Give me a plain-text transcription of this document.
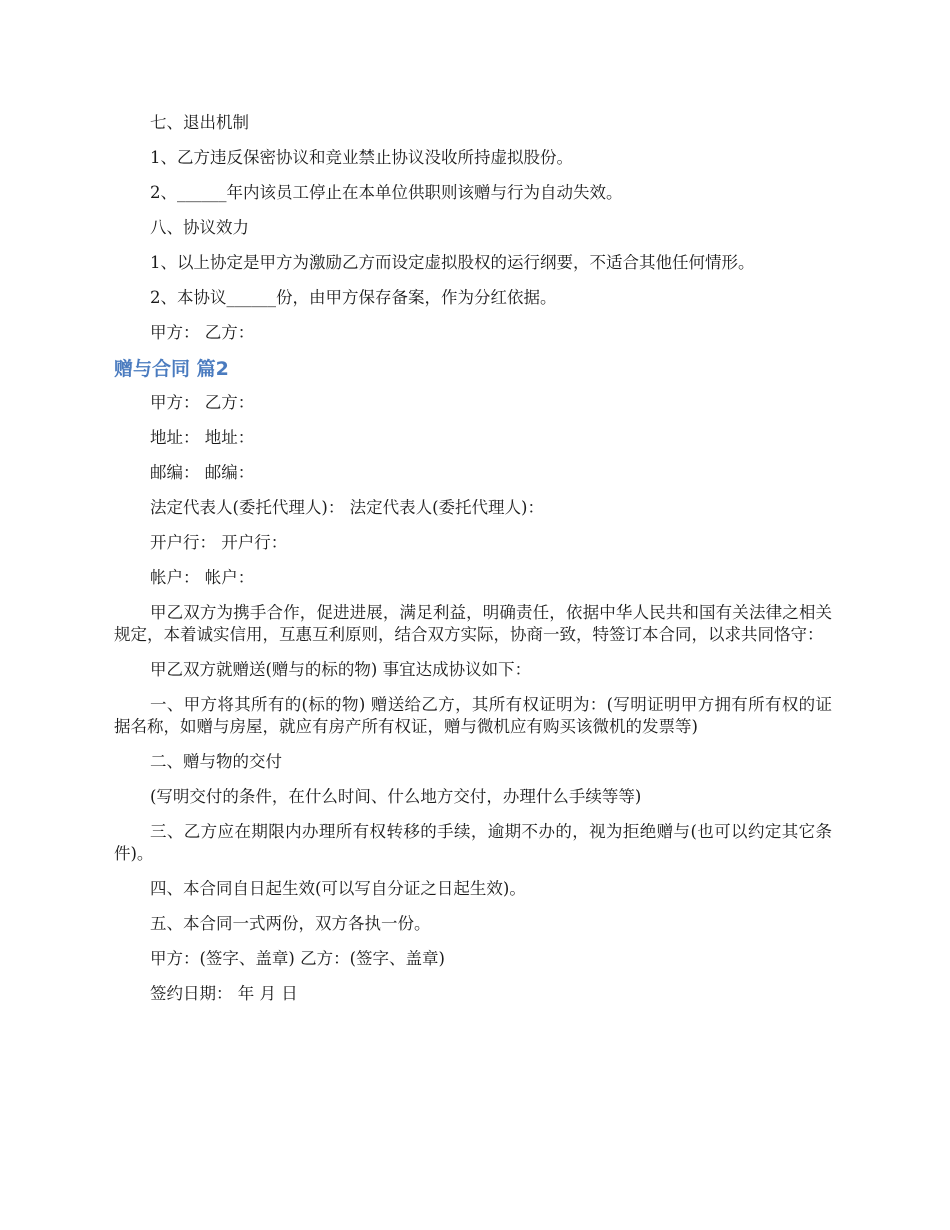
七、退出机制

1、乙方违反保密协议和竞业禁止协议没收所持虚拟股份。

2、______年内该员工停止在本单位供职则该赠与行为自动失效。

八、协议效力

1、以上协定是甲方为激励乙方而设定虚拟股权的运行纲要，不适合其他任何情形。

2、本协议______份，由甲方保存备案，作为分红依据。

甲方： 乙方：

赠与合同 篇2

甲方： 乙方：

地址： 地址：

邮编： 邮编：

法定代表人(委托代理人)： 法定代表人(委托代理人)：

开户行： 开户行：

帐户： 帐户：

甲乙双方为携手合作，促进进展，满足利益，明确责任，依据中华人民共和国有关法律之相关规定，本着诚实信用，互惠互利原则，结合双方实际，协商一致，特签订本合同，以求共同恪守：

甲乙双方就赠送(赠与的标的物) 事宜达成协议如下：

一、甲方将其所有的(标的物) 赠送给乙方，其所有权证明为：(写明证明甲方拥有所有权的证据名称，如赠与房屋，就应有房产所有权证，赠与微机应有购买该微机的发票等)

二、赠与物的交付

(写明交付的条件，在什么时间、什么地方交付，办理什么手续等等)

三、乙方应在期限内办理所有权转移的手续，逾期不办的，视为拒绝赠与(也可以约定其它条件)。

四、本合同自日起生效(可以写自分证之日起生效)。

五、本合同一式两份，双方各执一份。

甲方：(签字、盖章) 乙方：(签字、盖章)

签约日期： 年 月 日
